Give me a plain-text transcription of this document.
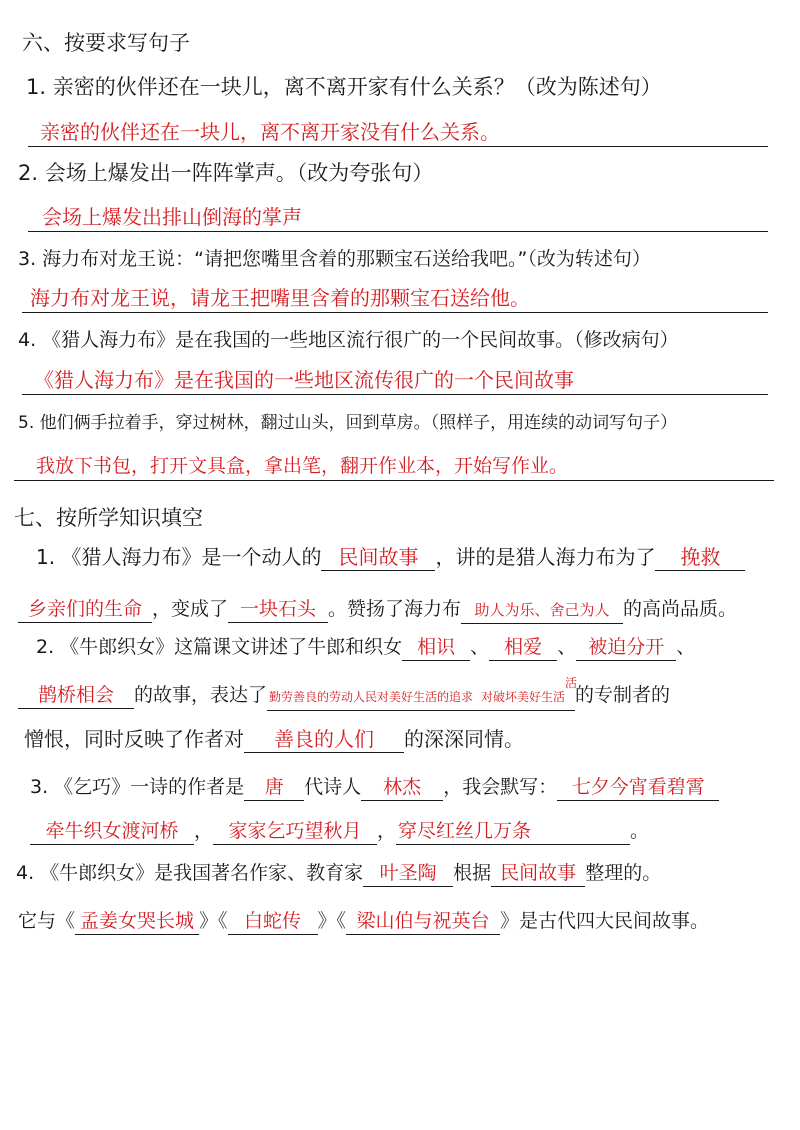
六、按要求写句子
1. 亲密的伙伴还在一块儿，离不离开家有什么关系？（改为陈述句）
亲密的伙伴还在一块儿，离不离开家没有什么关系。
2. 会场上爆发出一阵阵掌声。（改为夸张句）
会场上爆发出排山倒海的掌声
3. 海力布对龙王说：“请把您嘴里含着的那颗宝石送给我吧。”（改为转述句）
海力布对龙王说，请龙王把嘴里含着的那颗宝石送给他。
4. 《猎人海力布》是在我国的一些地区流行很广的一个民间故事。（修改病句）
《猎人海力布》是在我国的一些地区流传很广的一个民间故事
5. 他们俩手拉着手，穿过树林，翻过山头，回到草房。（照样子，用连续的动词写句子）
我放下书包，打开文具盒，拿出笔，翻开作业本，开始写作业。
七、按所学知识填空
1. 《猎人海力布》是一个动人的 民间故事 ，讲的是猎人海力布为了 挽救
乡亲们的生命 ，变成了 一块石头 。赞扬了海力布 助人为乐、舍己为人 的高尚品质。
2. 《牛郎织女》这篇课文讲述了牛郎和织女 相识 、 相爱 、 被迫分开 、
鹊桥相会 的故事，表达了 勤劳善良的劳动人民对美好生活的追求 对破坏美好生活
活
的专制者的
憎恨，同时反映了作者对 善良的人们 的深深同情。
3. 《乞巧》一诗的作者是 唐 代诗人 林杰 ，我会默写： 七夕今宵看碧霄
牵牛织女渡河桥 ， 家家乞巧望秋月 ， 穿尽红丝几万条	。
4. 《牛郎织女》是我国著名作家、教育家 叶圣陶 根据 民间故事 整理的。
它与《 孟姜女哭长城 》《 白蛇传 》《 梁山伯与祝英台 》是古代四大民间故事。
